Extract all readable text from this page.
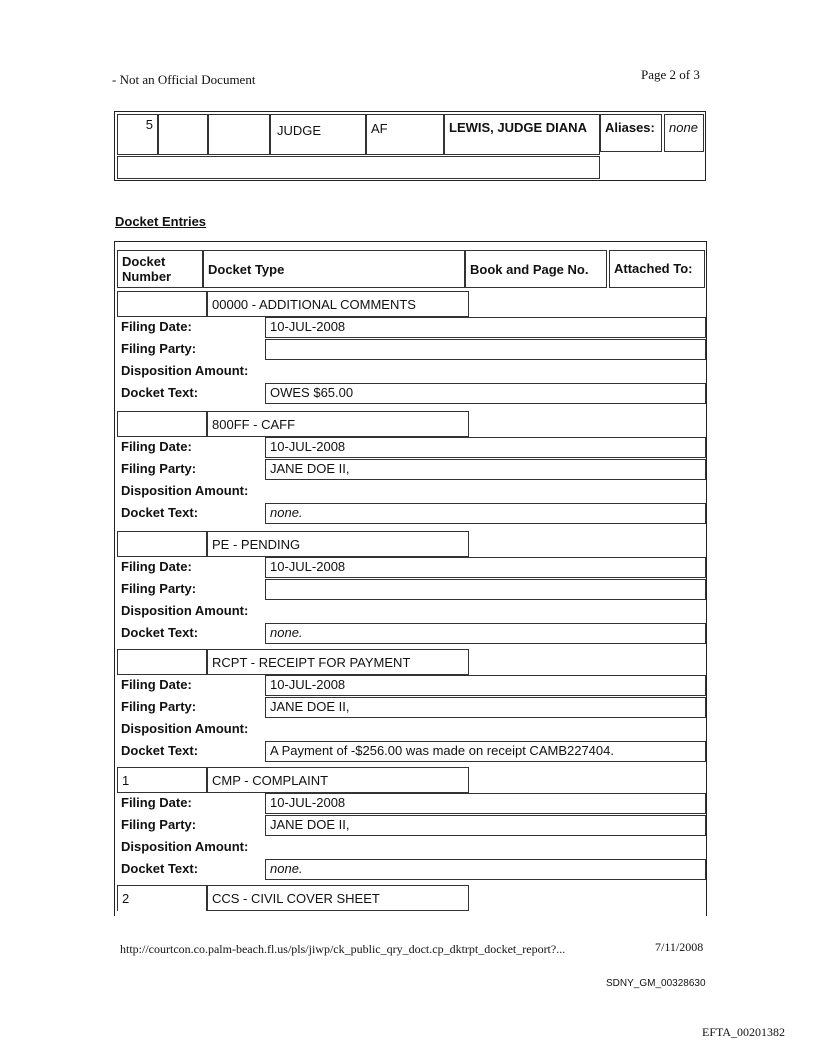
- Not an Official Document	Page 2 of 3
5	JUDGE	AF	LEWIS, JUDGE DIANA	Aliases:	none
Docket Entries
Docket Number	Docket Type	Book and Page No.	Attached To:
00000 - ADDITIONAL COMMENTS
Filing Date:	10-JUL-2008
Filing Party:
Disposition Amount:
Docket Text:	OWES $65.00
800FF - CAFF
Filing Date:	10-JUL-2008
Filing Party:	JANE DOE II,
Disposition Amount:
Docket Text:	none.
PE - PENDING
Filing Date:	10-JUL-2008
Filing Party:
Disposition Amount:
Docket Text:	none.
RCPT - RECEIPT FOR PAYMENT
Filing Date:	10-JUL-2008
Filing Party:	JANE DOE II,
Disposition Amount:
Docket Text:	A Payment of -$256.00 was made on receipt CAMB227404.
1	CMP - COMPLAINT
Filing Date:	10-JUL-2008
Filing Party:	JANE DOE II,
Disposition Amount:
Docket Text:	none.
2	CCS - CIVIL COVER SHEET
http://courtcon.co.palm-beach.fl.us/pls/jiwp/ck_public_qry_doct.cp_dktrpt_docket_report?...	7/11/2008
SDNY_GM_00328630
EFTA_00201382
